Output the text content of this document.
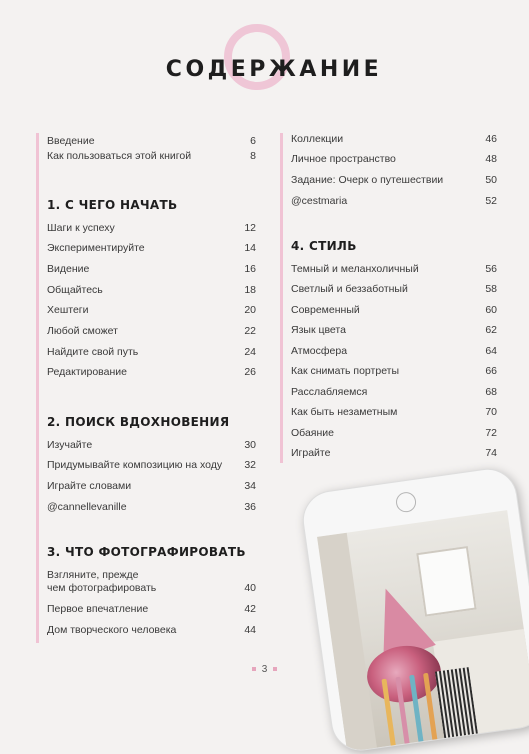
СОДЕРЖАНИЕ
Введение	6
Как пользоваться этой книгой	8
1. С ЧЕГО НАЧАТЬ
Шаги к успеху	12
Экспериментируйте	14
Видение	16
Общайтесь	18
Хештеги	20
Любой сможет	22
Найдите свой путь	24
Редактирование	26
2. ПОИСК ВДОХНОВЕНИЯ
Изучайте	30
Придумывайте композицию на ходу 32
Играйте словами	34
@cannellevanille	36
3. ЧТО ФОТОГРАФИРОВАТЬ
Взгляните, прежде
чем фотографировать	40
Первое впечатление	42
Дом творческого человека	44
Коллекции	46
Личное пространство	48
Задание: Очерк о путешествии	50
@cestmaria	52
4. СТИЛЬ
Темный и меланхоличный	56
Светлый и беззаботный	58
Современный	60
Язык цвета	62
Атмосфера	64
Как снимать портреты	66
Расслабляемся	68
Как быть незаметным	70
Обаяние	72
Играйте	74
3
